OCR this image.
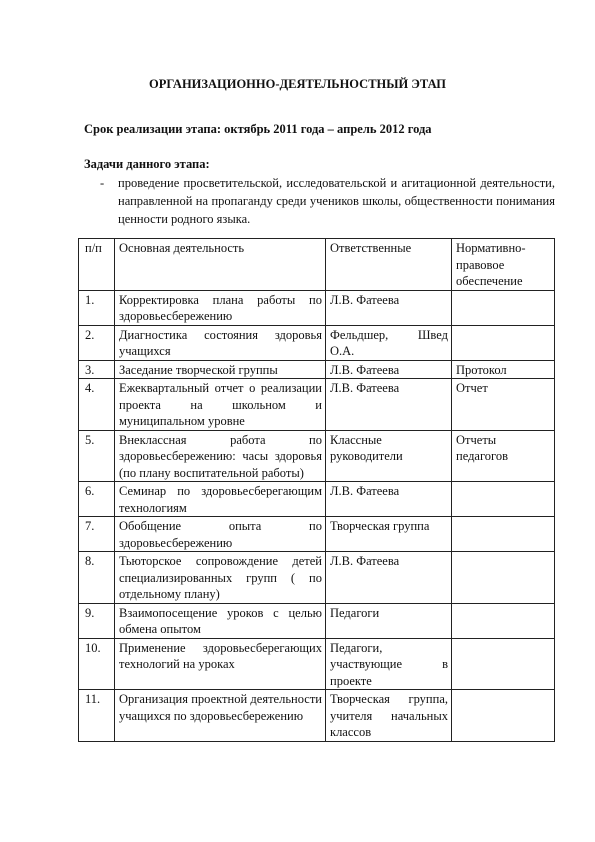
ОРГАНИЗАЦИОННО-ДЕЯТЕЛЬНОСТНЫЙ ЭТАП
Срок реализации этапа: октябрь 2011 года – апрель 2012 года
Задачи данного этапа:
- проведение просветительской, исследовательской и агитационной деятельности, направленной на пропаганду среди учеников школы, общественности понимания ценности родного языка.
п/п	Основная деятельность	Ответственные	Нормативно-правовое обеспечение
1.	Корректировка плана работы по здоровьесбережению	Л.В. Фатеева	
2.	Диагностика состояния здоровья учащихся	Фельдшер, Швед О.А.	
3.	Заседание творческой группы	Л.В. Фатеева	Протокол
4.	Ежеквартальный отчет о реализации проекта на школьном и муниципальном уровне	Л.В. Фатеева	Отчет
5.	Внеклассная работа по здоровьесбережению: часы здоровья (по плану воспитательной работы)	Классные руководители	Отчеты педагогов
6.	Семинар по здоровьесберегающим технологиям	Л.В. Фатеева	
7.	Обобщение опыта по здоровьесбережению	Творческая группа	
8.	Тьюторское сопровождение детей специализированных групп ( по отдельному плану)	Л.В. Фатеева	
9.	Взаимопосещение уроков с целью обмена опытом	Педагоги	
10.	Применение здоровьесберегающих технологий на уроках	Педагоги, участвующие в проекте	
11.	Организация проектной деятельности учащихся по здоровьесбережению	Творческая группа, учителя начальных классов	
